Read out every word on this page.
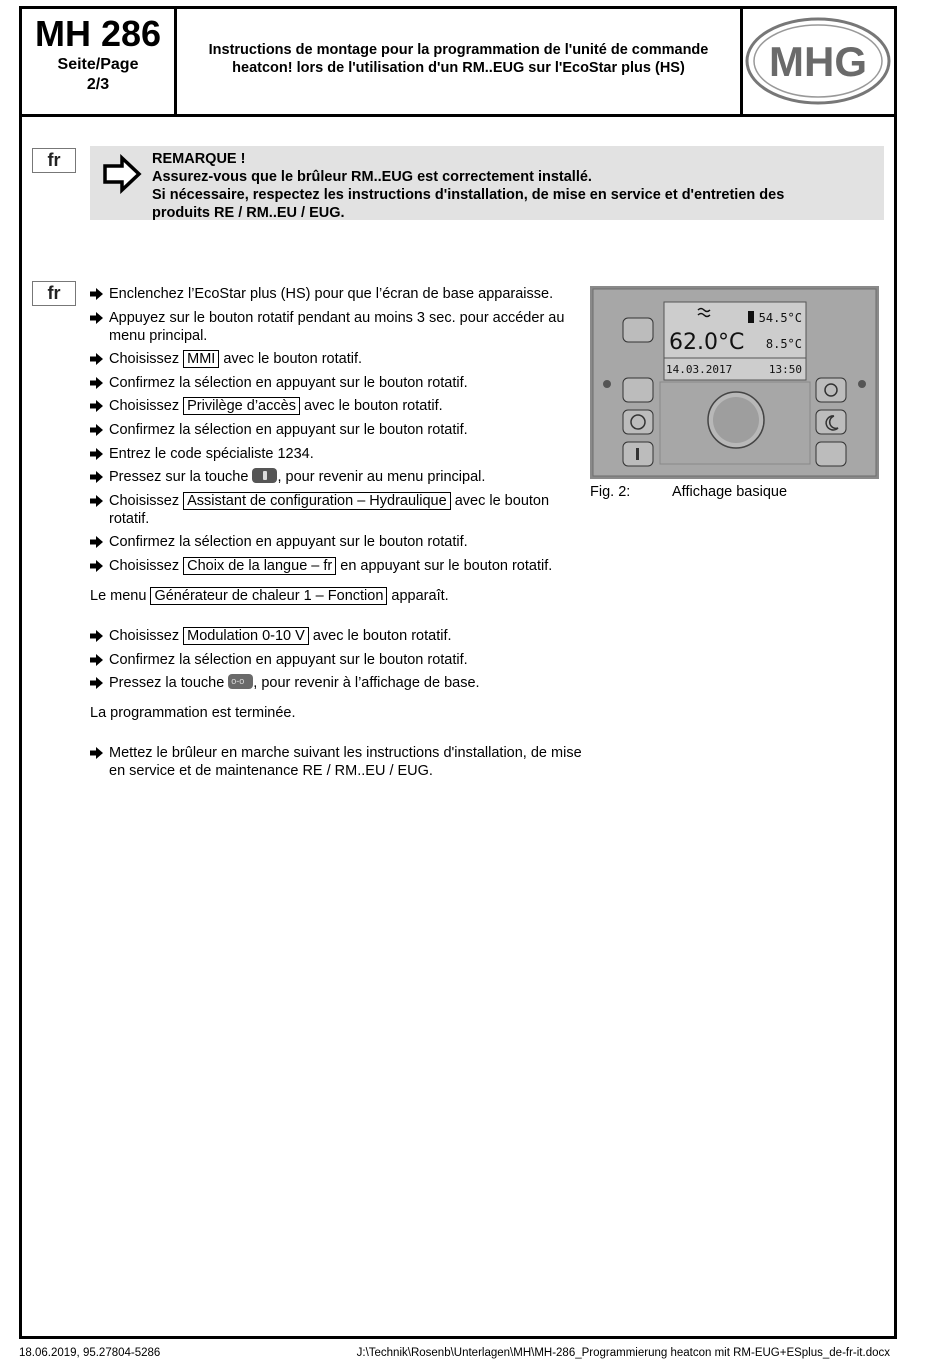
MH 286
Seite/Page
2/3
Instructions de montage pour la programmation de l'unité de commande
heatcon! lors de l'utilisation d'un RM..EUG sur l'EcoStar plus (HS)	MHG
fr	REMARQUE !
Assurez-vous que le brûleur RM..EUG est correctement installé.
Si nécessaire, respectez les instructions d'installation, de mise en service et d'entretien des
produits RE / RM..EU / EUG.
fr	Enclenchez l’EcoStar plus (HS) pour que l’écran de base apparaisse.
Appuyez sur le bouton rotatif pendant au moins 3 sec. pour accéder au menu principal.
Choisissez MMI avec le bouton rotatif.
Confirmez la sélection en appuyant sur le bouton rotatif.
Choisissez Privilège d’accès avec le bouton rotatif.
Confirmez la sélection en appuyant sur le bouton rotatif.
Entrez le code spécialiste 1234.
Pressez sur la touche , pour revenir au menu principal.
Choisissez Assistant de configuration – Hydraulique avec le bouton rotatif.
Confirmez la sélection en appuyant sur le bouton rotatif.
Choisissez Choix de la langue – fr en appuyant sur le bouton rotatif.

Le menu Générateur de chaleur 1 – Fonction apparaît.

Choisissez Modulation 0-10 V avec le bouton rotatif.
Confirmez la sélection en appuyant sur le bouton rotatif.
Pressez la touche o‐o, pour revenir à l’affichage de base.

La programmation est terminée.

Mettez le brûleur en marche suivant les instructions d'installation, de mise en service et de maintenance RE / RM..EU / EUG.
54.5°C
62.0°C 8.5°C
14.03.2017	13:50
Fig. 2:	Affichage basique
18.06.2019, 95.27804-5286	J:\Technik\Rosenb\Unterlagen\MH\MH-286_Programmierung heatcon mit RM-EUG+ESplus_de-fr-it.docx
